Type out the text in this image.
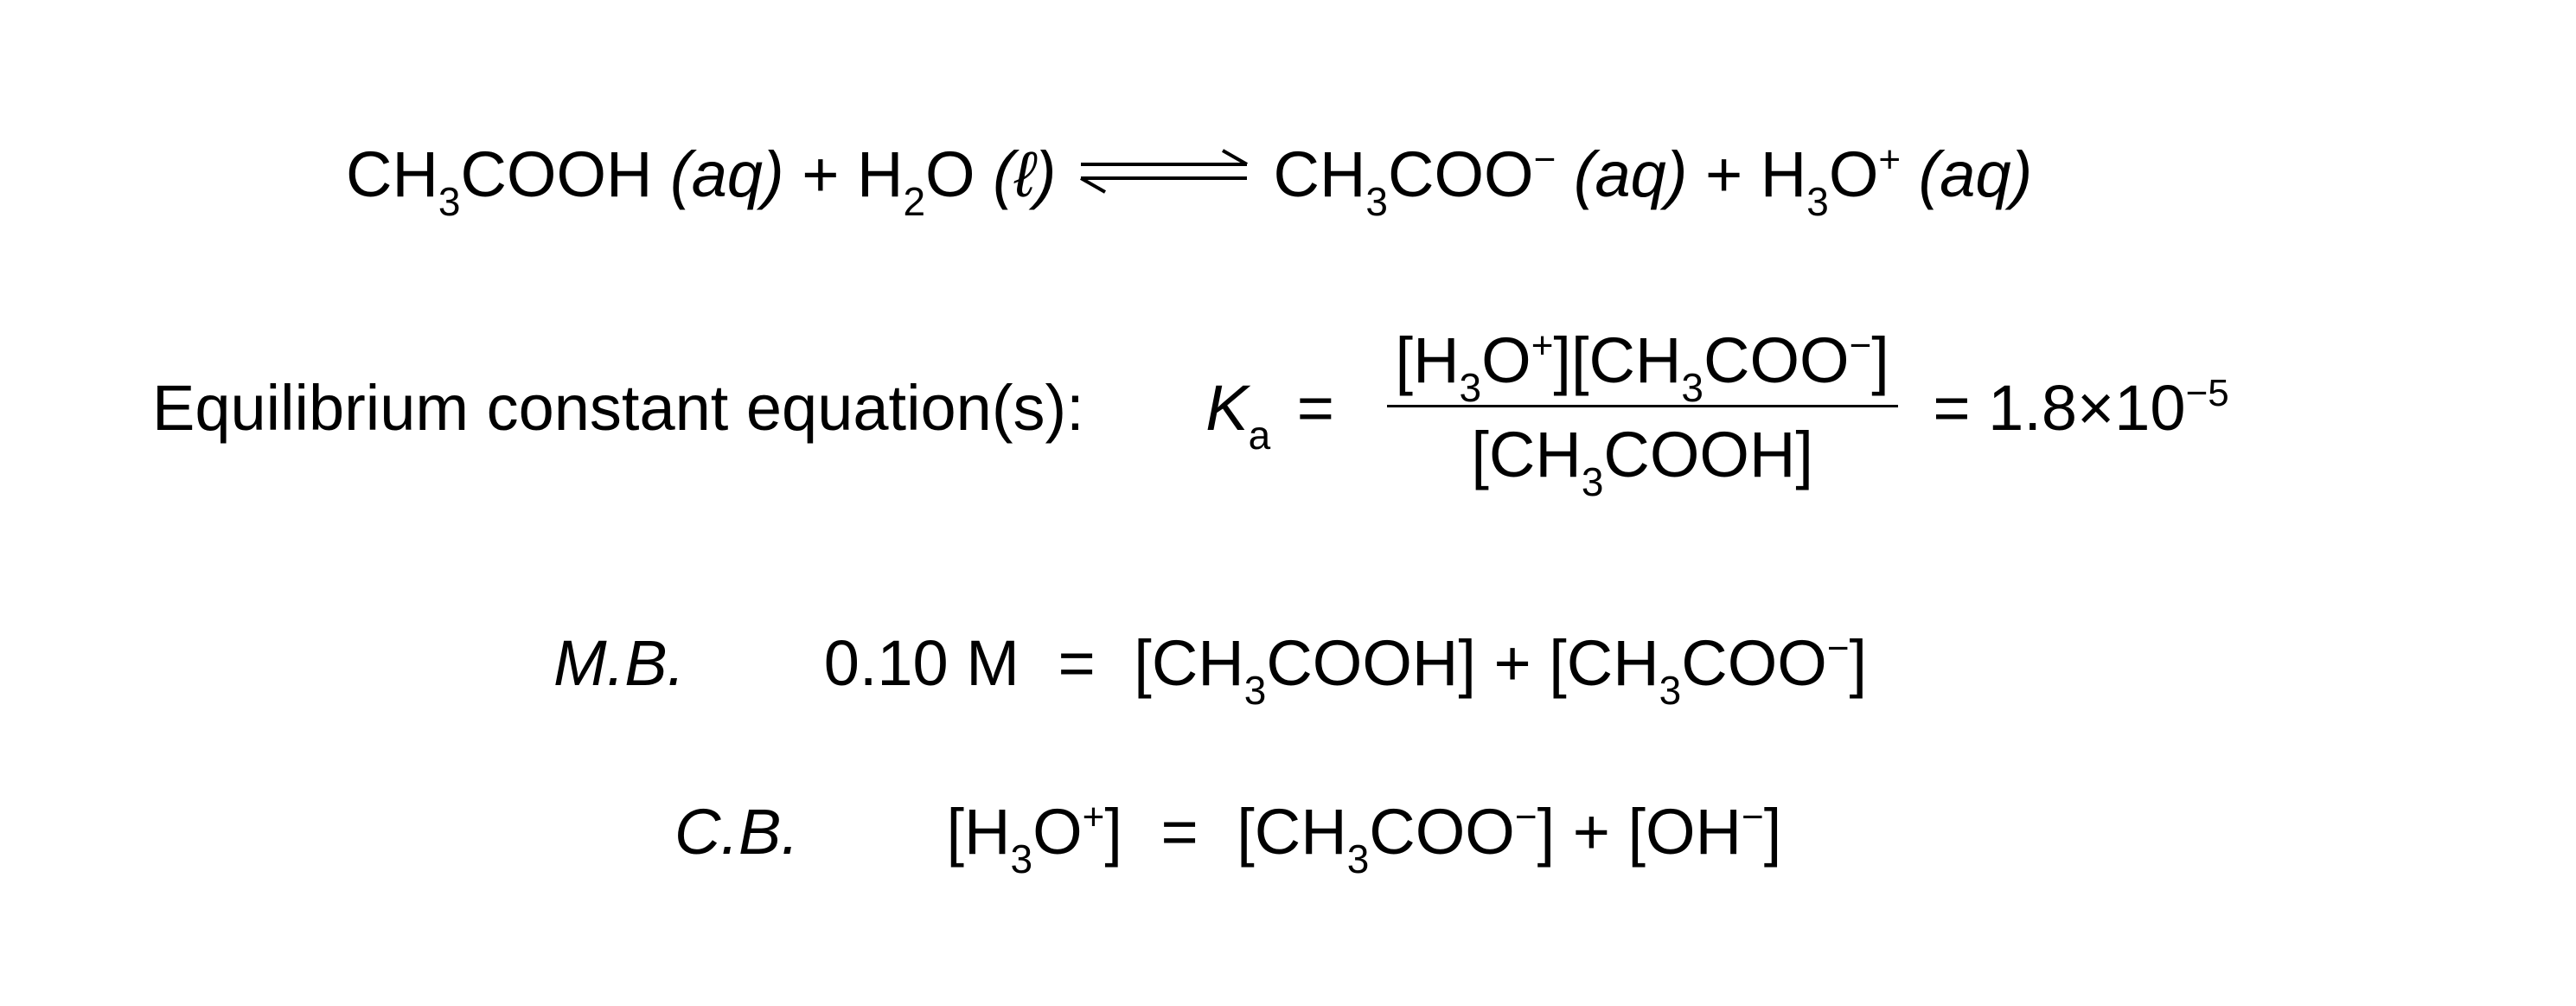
$CH_3COOH$ $(aq) + H_2O$ (ℓ) ⇌ $CH_3COO^-$ $(aq) + H_3O^+$ (aq)
Equilibrium constant equation(s): $K_a = \frac{[H_3O^+][CH_3COO^-]}{[CH_3COOH]} = 1.8\times 10^{-5}$
M.B. 0.10 $M = [CH_3COOH] + [CH_3COO^-]$
C.B. $[H_3O^+] = [CH_3COO^-] + [OH^-]$
